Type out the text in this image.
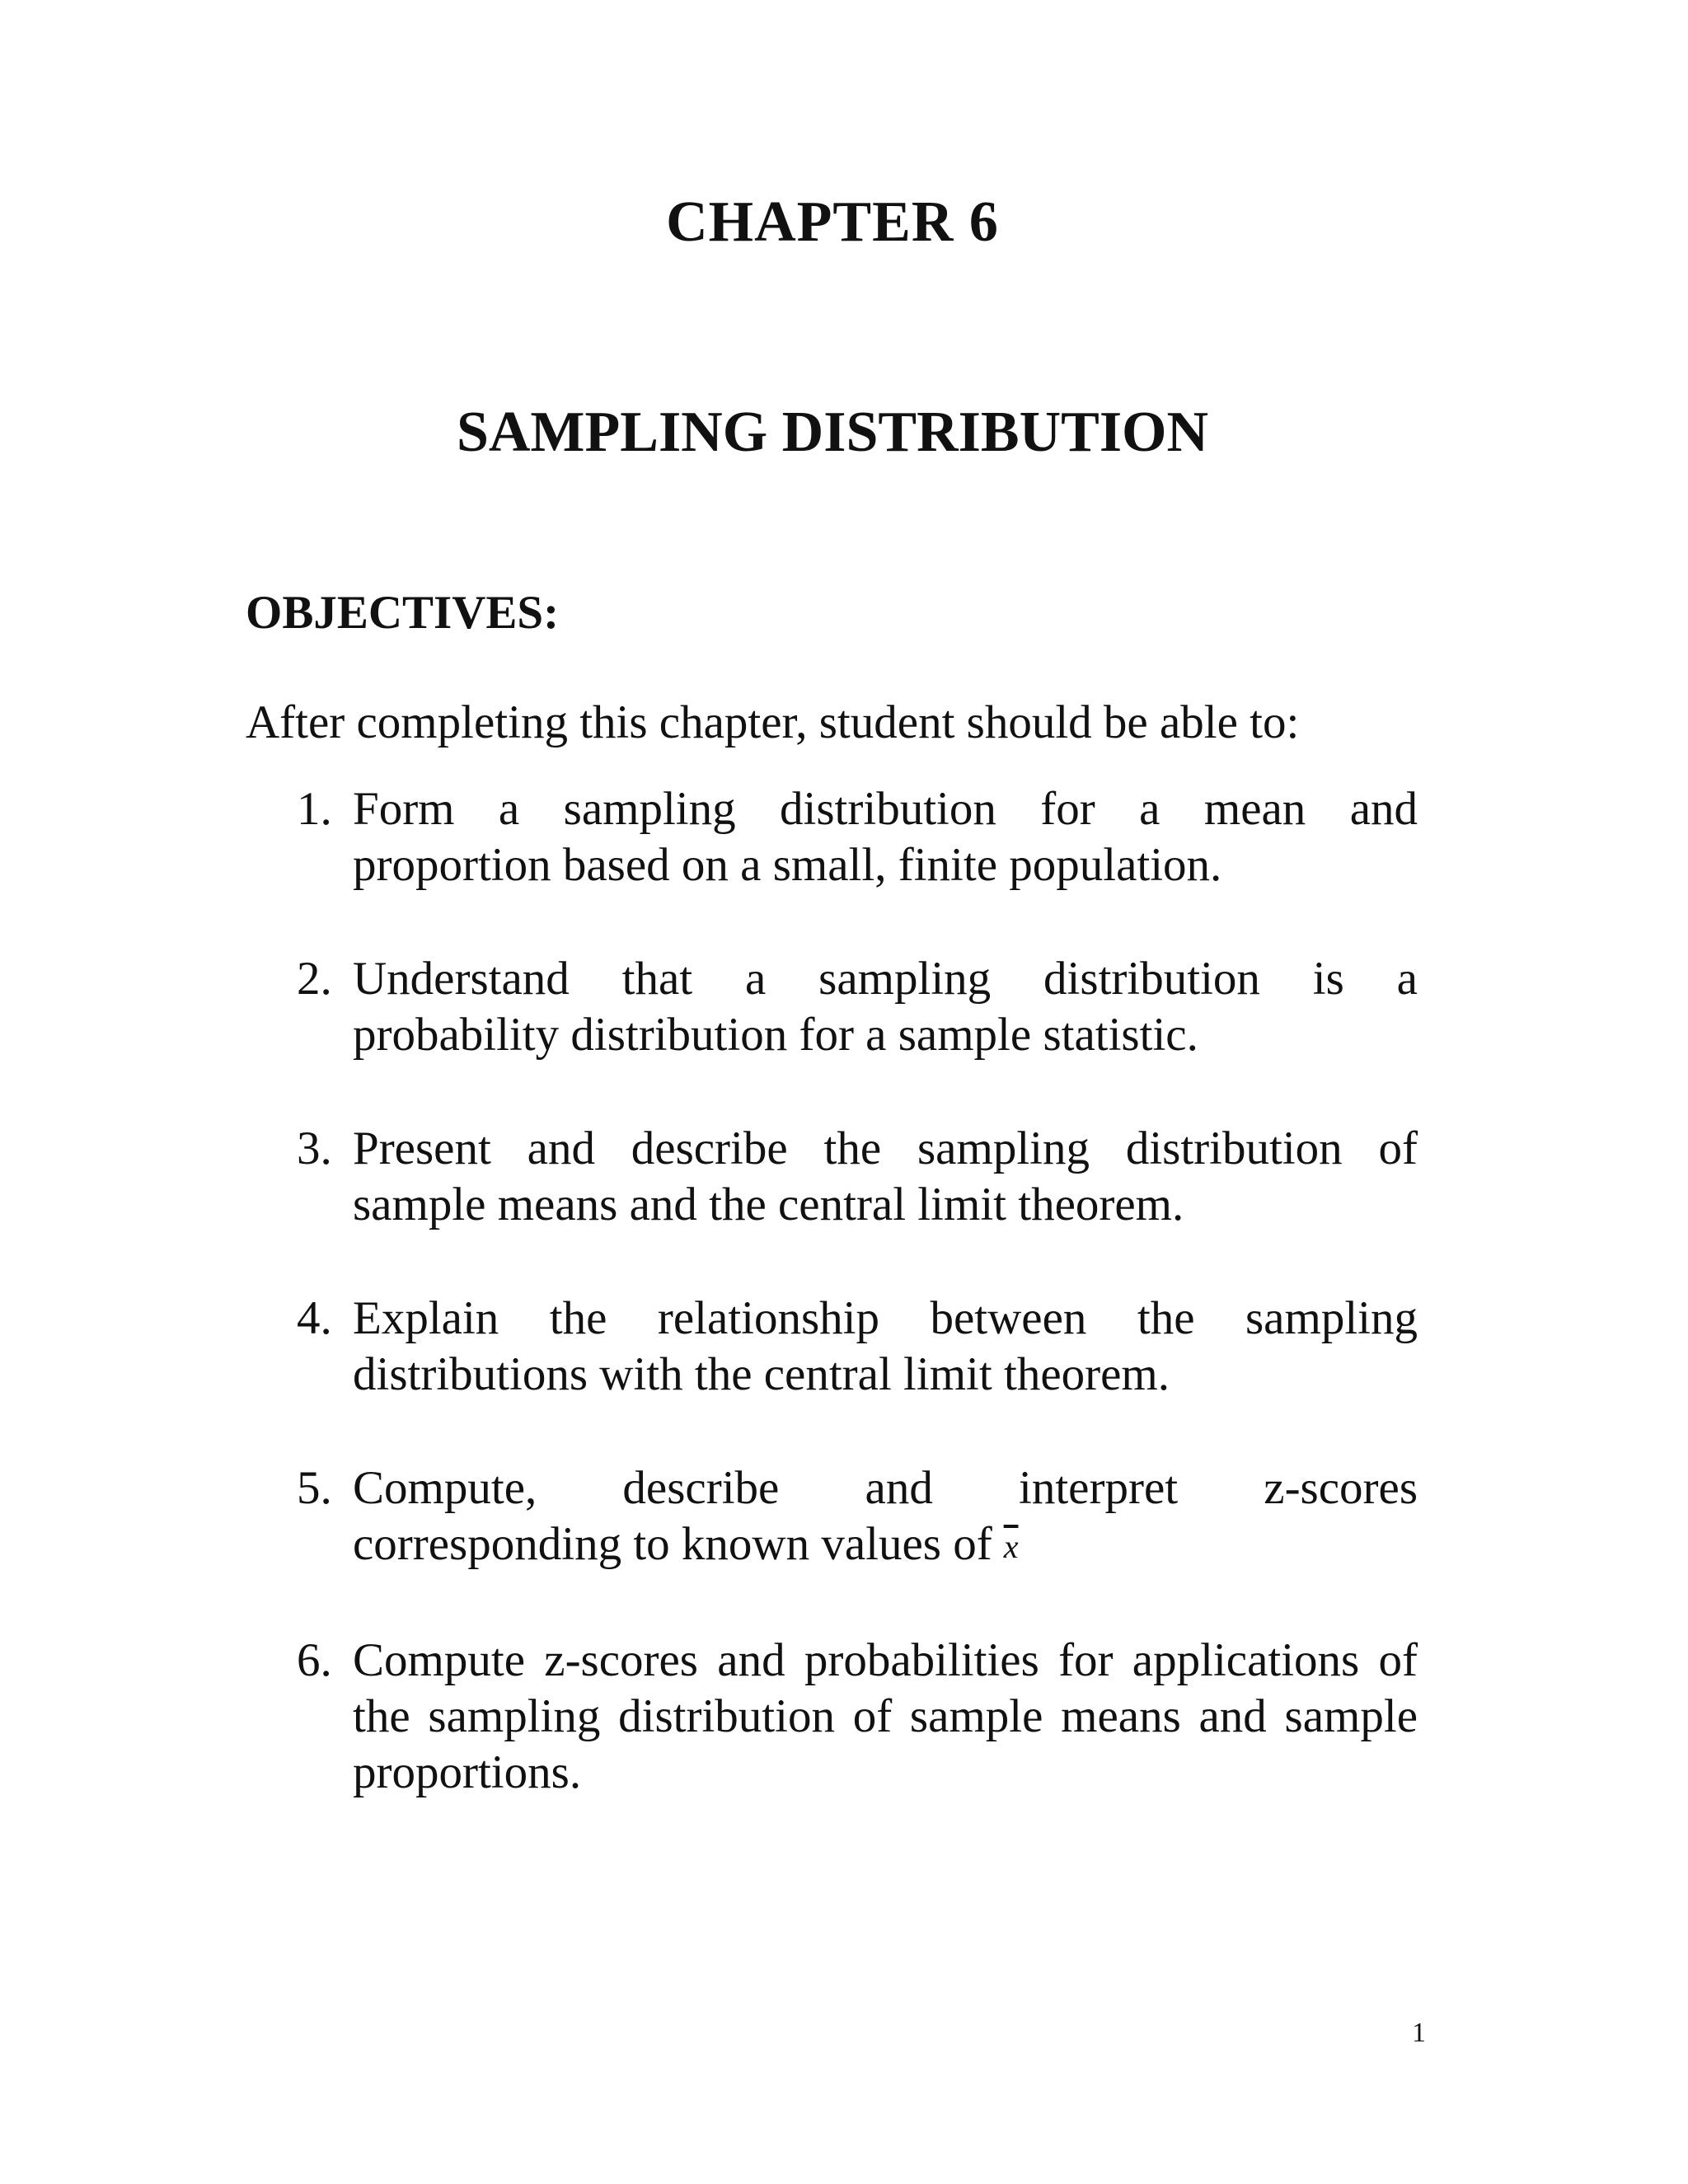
CHAPTER 6
SAMPLING DISTRIBUTION
OBJECTIVES:
After completing this chapter, student should be able to:
1. Form a sampling distribution for a mean and
proportion based on a small, finite population.
2. Understand that a sampling distribution is a
probability distribution for a sample statistic.
3. Present and describe the sampling distribution of
sample means and the central limit theorem.
4. Explain the relationship between the sampling
distributions with the central limit theorem.
5. Compute, describe and interpret z-scores
corresponding to known values of $\overline{x}$
6. Compute z-scores and probabilities for applications of the sampling distribution of sample means and sample proportions.
1
